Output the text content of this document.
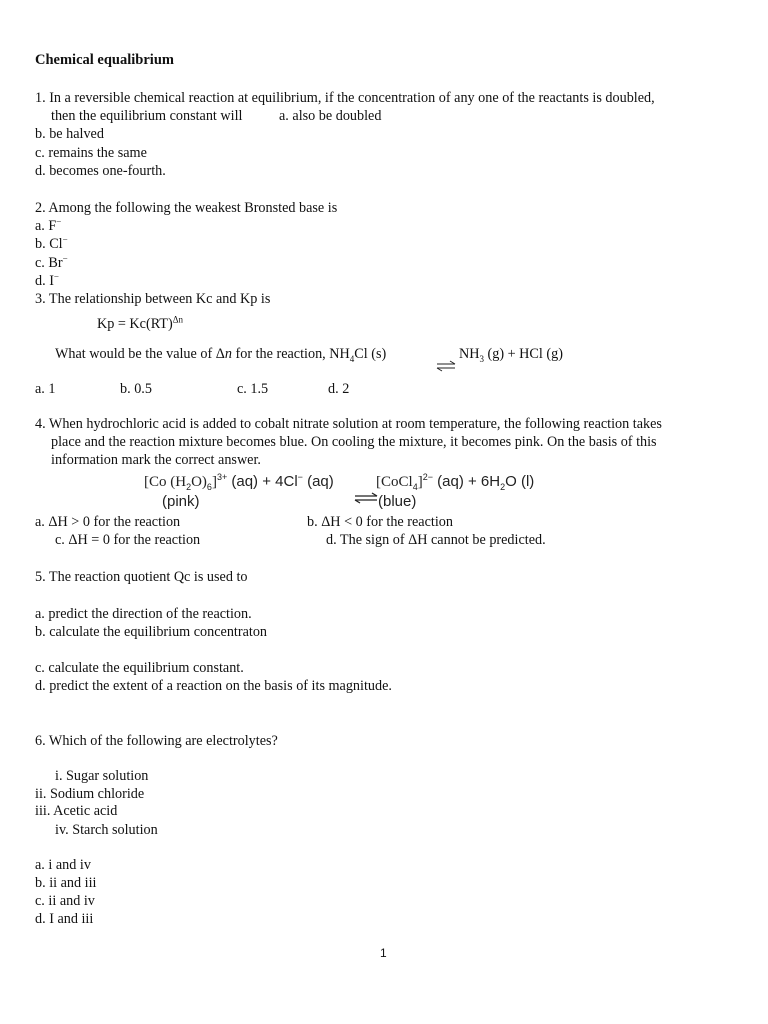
Chemical equalibrium
1. In a reversible chemical reaction at equilibrium, if the concentration of any one of the reactants is doubled,
then the equilibrium constant will	a. also be doubled
b. be halved
c. remains the same
d. becomes one-fourth.
2. Among the following the weakest Bronsted base is
a. F−
b. Cl−
c. Br−
d. I−
3. The relationship between Kc and Kp is
Kp = Kc(RT)$^{\Delta n}$
What would be the value of Δn for the reaction, $NH_4Cl$ (s)

	$NH_3$ (g) + HCl (g)
a. 1	b. 0.5	c. 1.5	d. 2
4. When hydrochloric acid is added to cobalt nitrate solution at room temperature, the following reaction takes
place and the reaction mixture becomes blue. On cooling the mixture, it becomes pink. On the basis of this
information mark the correct answer.
[Co $(H_2O)_6]^{3+}$ (aq) + 4Cl− (aq)

⇌
[CoCl$_4$]$^{2-}$ $(aq) + 6H_2O$ (l)
(pink)	(blue)
a. ΔH > 0 for the reaction	b. ΔH < 0 for the reaction
c. ΔH = 0 for the reaction	d. The sign of ΔH cannot be predicted.
5. The reaction quotient Qc is used to
a. predict the direction of the reaction.
b. calculate the equilibrium concentraton
c. calculate the equilibrium constant.
d. predict the extent of a reaction on the basis of its magnitude.
6. Which of the following are electrolytes?
i. Sugar solution
ii. Sodium chloride
iii. Acetic acid
iv. Starch solution
a. i and iv
b. ii and iii
c. ii and iv
d. I and iii
1
